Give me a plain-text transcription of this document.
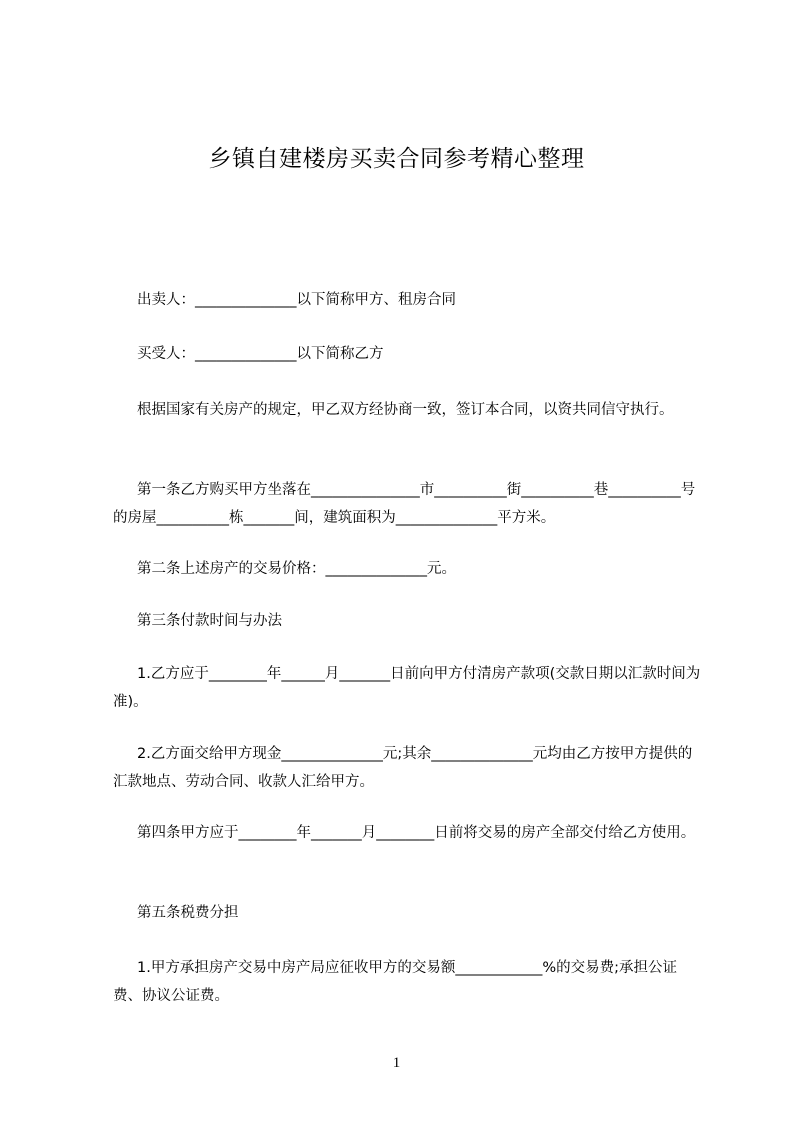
乡镇自建楼房买卖合同参考精心整理
出卖人：______________以下简称甲方、租房合同
买受人：______________以下简称乙方
根据国家有关房产的规定，甲乙双方经协商一致，签订本合同，以资共同信守执行。
第一条乙方购买甲方坐落在_______________市__________街__________巷__________号的房屋__________栋_______间，建筑面积为______________平方米。
第二条上述房产的交易价格：______________元。
第三条付款时间与办法
1.乙方应于________年______月_______日前向甲方付清房产款项(交款日期以汇款时间为准)。
2.乙方面交给甲方现金______________元;其余______________元均由乙方按甲方提供的汇款地点、劳动合同、收款人汇给甲方。
第四条甲方应于________年_______月________日前将交易的房产全部交付给乙方使用。
第五条税费分担
1.甲方承担房产交易中房产局应征收甲方的交易额____________%的交易费;承担公证费、协议公证费。
1
